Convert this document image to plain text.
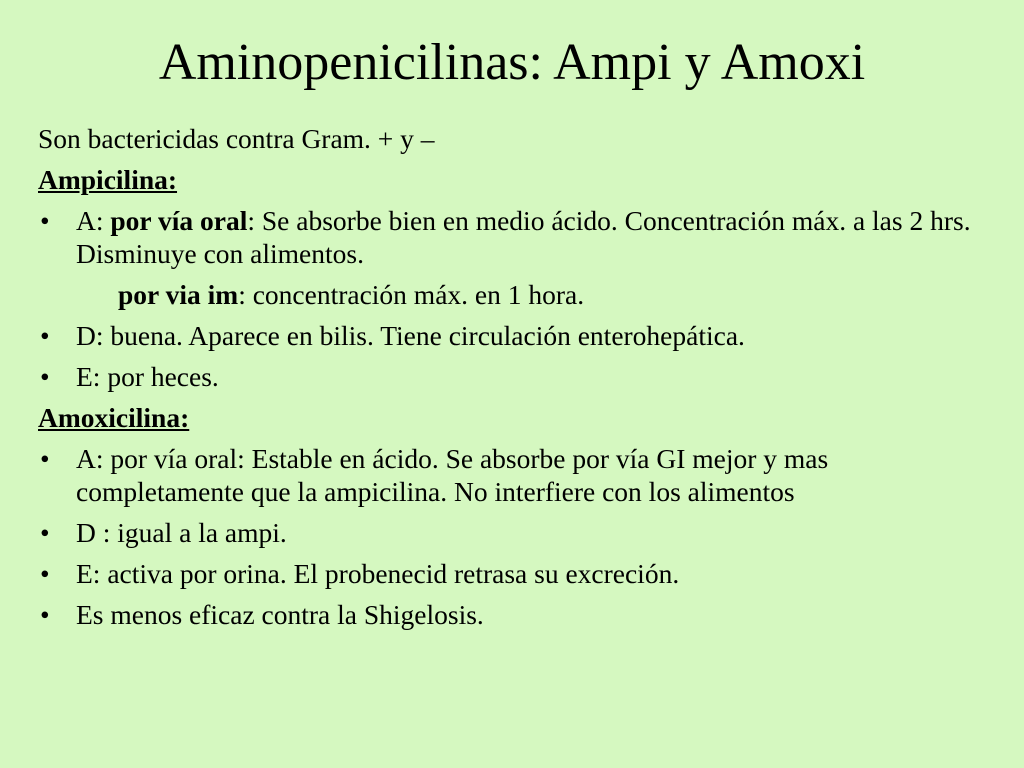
Aminopenicilinas: Ampi y Amoxi

Son bactericidas contra Gram. + y –

Ampicilina:

• A: por vía oral: Se absorbe bien en medio ácido. Concentración máx. a las 2 hrs. Disminuye con alimentos.
por via im: concentración máx. en 1 hora.
• D: buena. Aparece en bilis. Tiene circulación enterohepática.
• E: por heces.

Amoxicilina:

• A: por vía oral: Estable en ácido. Se absorbe por vía GI mejor y mas completamente que la ampicilina. No interfiere con los alimentos
• D : igual a la ampi.
• E: activa por orina. El probenecid retrasa su excreción.
• Es menos eficaz contra la Shigelosis.
